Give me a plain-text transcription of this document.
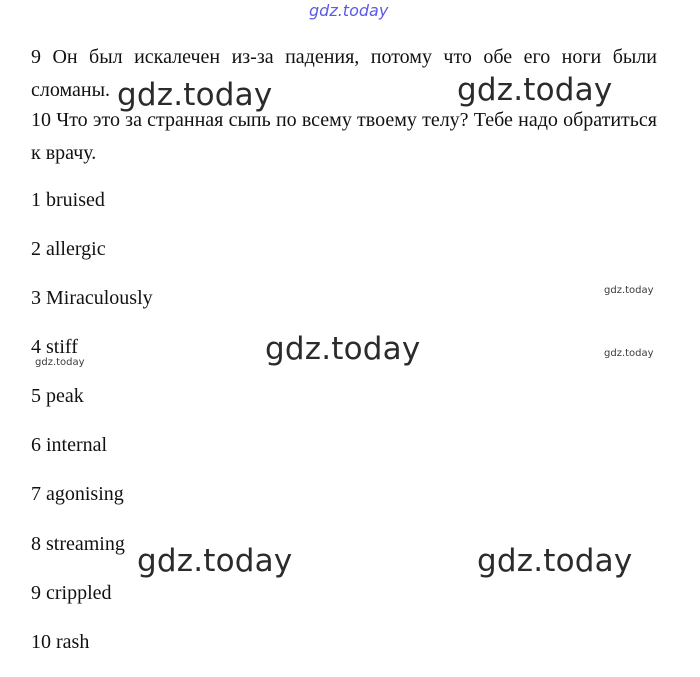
gdz.today

9 Он был искалечен из-за падения, потому что обе его ноги были сломаны.

10 Что это за странная сыпь по всему твоему телу? Тебе надо обратиться к врачу.

1 bruised

2 allergic

3 Miraculously

4 stiff

5 peak

6 internal

7 agonising

8 streaming

9 crippled

10 rash

gdz.today	gdz.today
gdz.today
gdz.today	gdz.today
gdz.today
gdz.today
gdz.today
